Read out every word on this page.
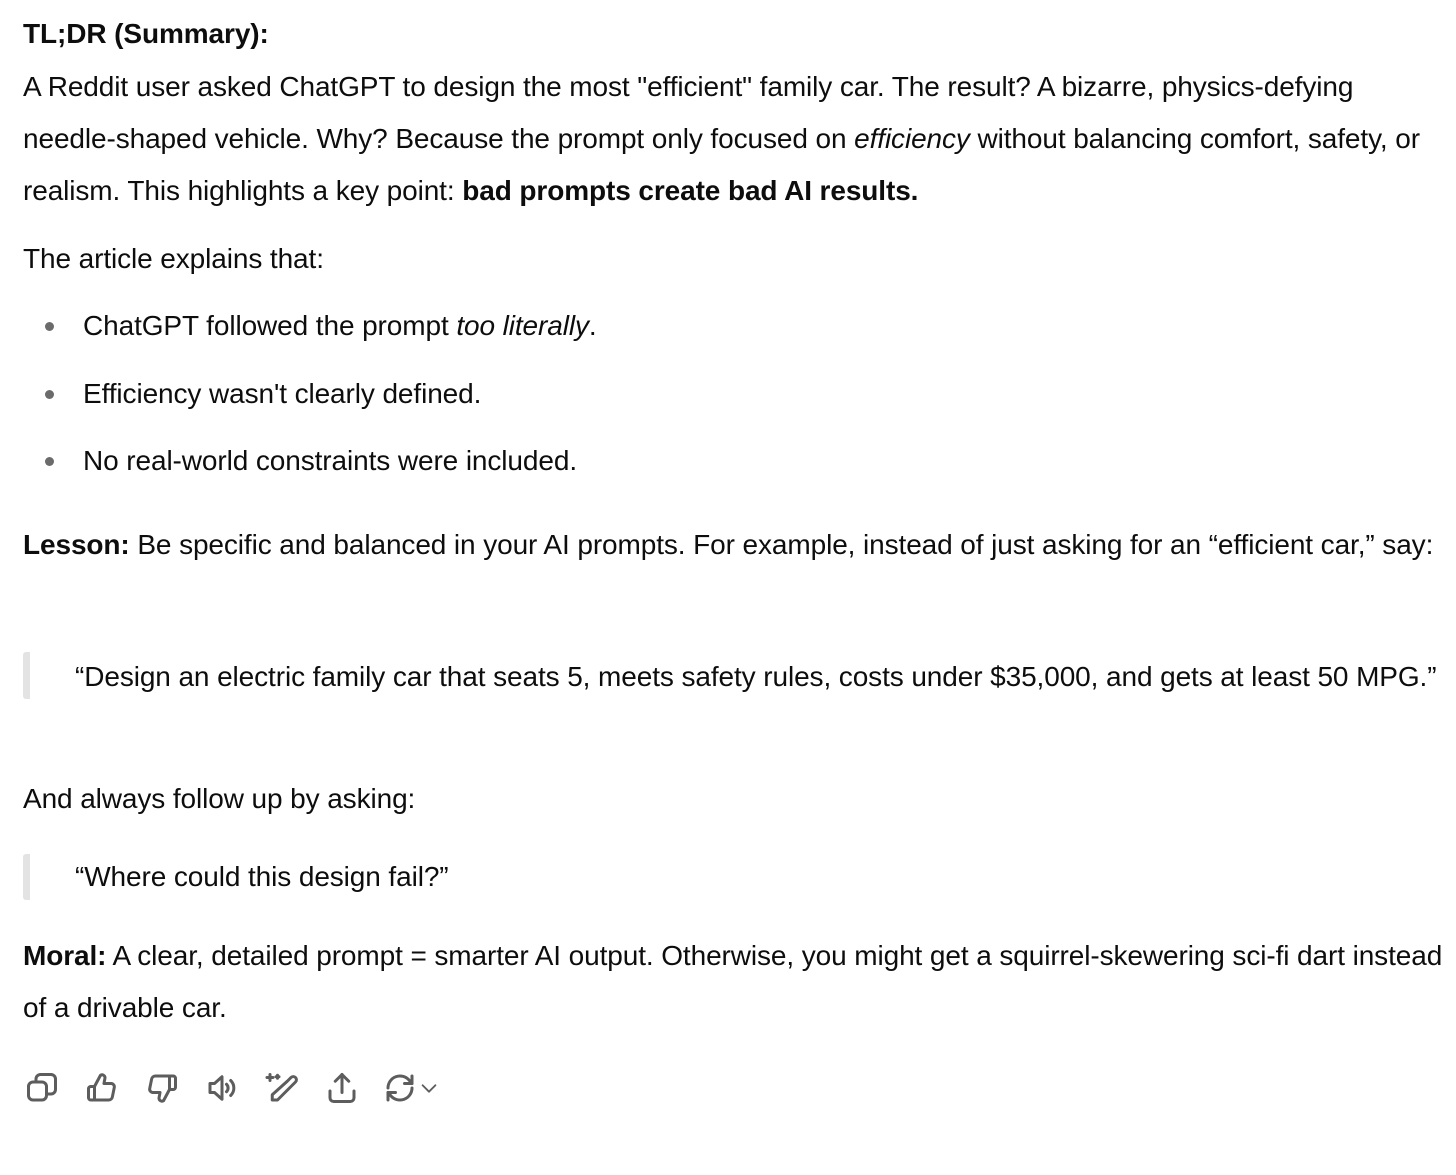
TL;DR (Summary):

A Reddit user asked ChatGPT to design the most "efficient" family car. The result? A bizarre, physics-defying needle-shaped vehicle. Why? Because the prompt only focused on efficiency without balancing comfort, safety, or realism. This highlights a key point: bad prompts create bad AI results.

The article explains that:

ChatGPT followed the prompt too literally.
Efficiency wasn't clearly defined.
No real-world constraints were included.

Lesson: Be specific and balanced in your AI prompts. For example, instead of just asking for an “efficient car,” say:

“Design an electric family car that seats 5, meets safety rules, costs under $35,000, and gets at least 50 MPG.”

And always follow up by asking:

“Where could this design fail?”

Moral: A clear, detailed prompt = smarter AI output. Otherwise, you might get a squirrel-skewering sci-fi dart instead of a drivable car.
